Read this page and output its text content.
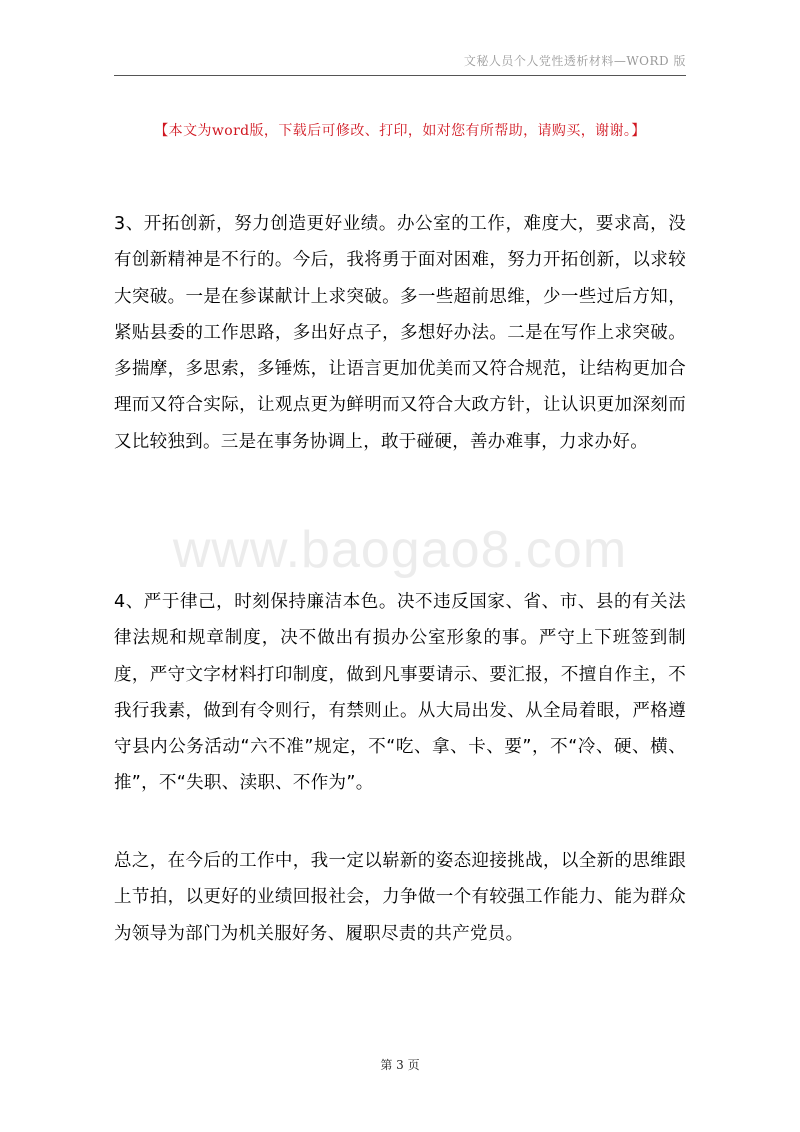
文秘人员个人党性透析材料—WORD 版
【本文为word版，下载后可修改、打印，如对您有所帮助，请购买，谢谢。】
www.baogao8.com

3、开拓创新，努力创造更好业绩。办公室的工作，难度大，要求高，没有创新精神是不行的。今后，我将勇于面对困难，努力开拓创新，以求较大突破。一是在参谋献计上求突破。多一些超前思维，少一些过后方知，紧贴县委的工作思路，多出好点子，多想好办法。二是在写作上求突破。多揣摩，多思索，多锤炼，让语言更加优美而又符合规范，让结构更加合理而又符合实际，让观点更为鲜明而又符合大政方针，让认识更加深刻而又比较独到。三是在事务协调上，敢于碰硬，善办难事，力求办好。

4、严于律己，时刻保持廉洁本色。决不违反国家、省、市、县的有关法律法规和规章制度，决不做出有损办公室形象的事。严守上下班签到制度，严守文字材料打印制度，做到凡事要请示、要汇报，不擅自作主，不我行我素，做到有令则行，有禁则止。从大局出发、从全局着眼，严格遵守县内公务活动“六不准”规定，不“吃、拿、卡、要”，不“冷、硬、横、推”，不“失职、渎职、不作为”。

总之，在今后的工作中，我一定以崭新的姿态迎接挑战，以全新的思维跟上节拍，以更好的业绩回报社会，力争做一个有较强工作能力、能为群众为领导为部门为机关服好务、履职尽责的共产党员。

第 3 页
